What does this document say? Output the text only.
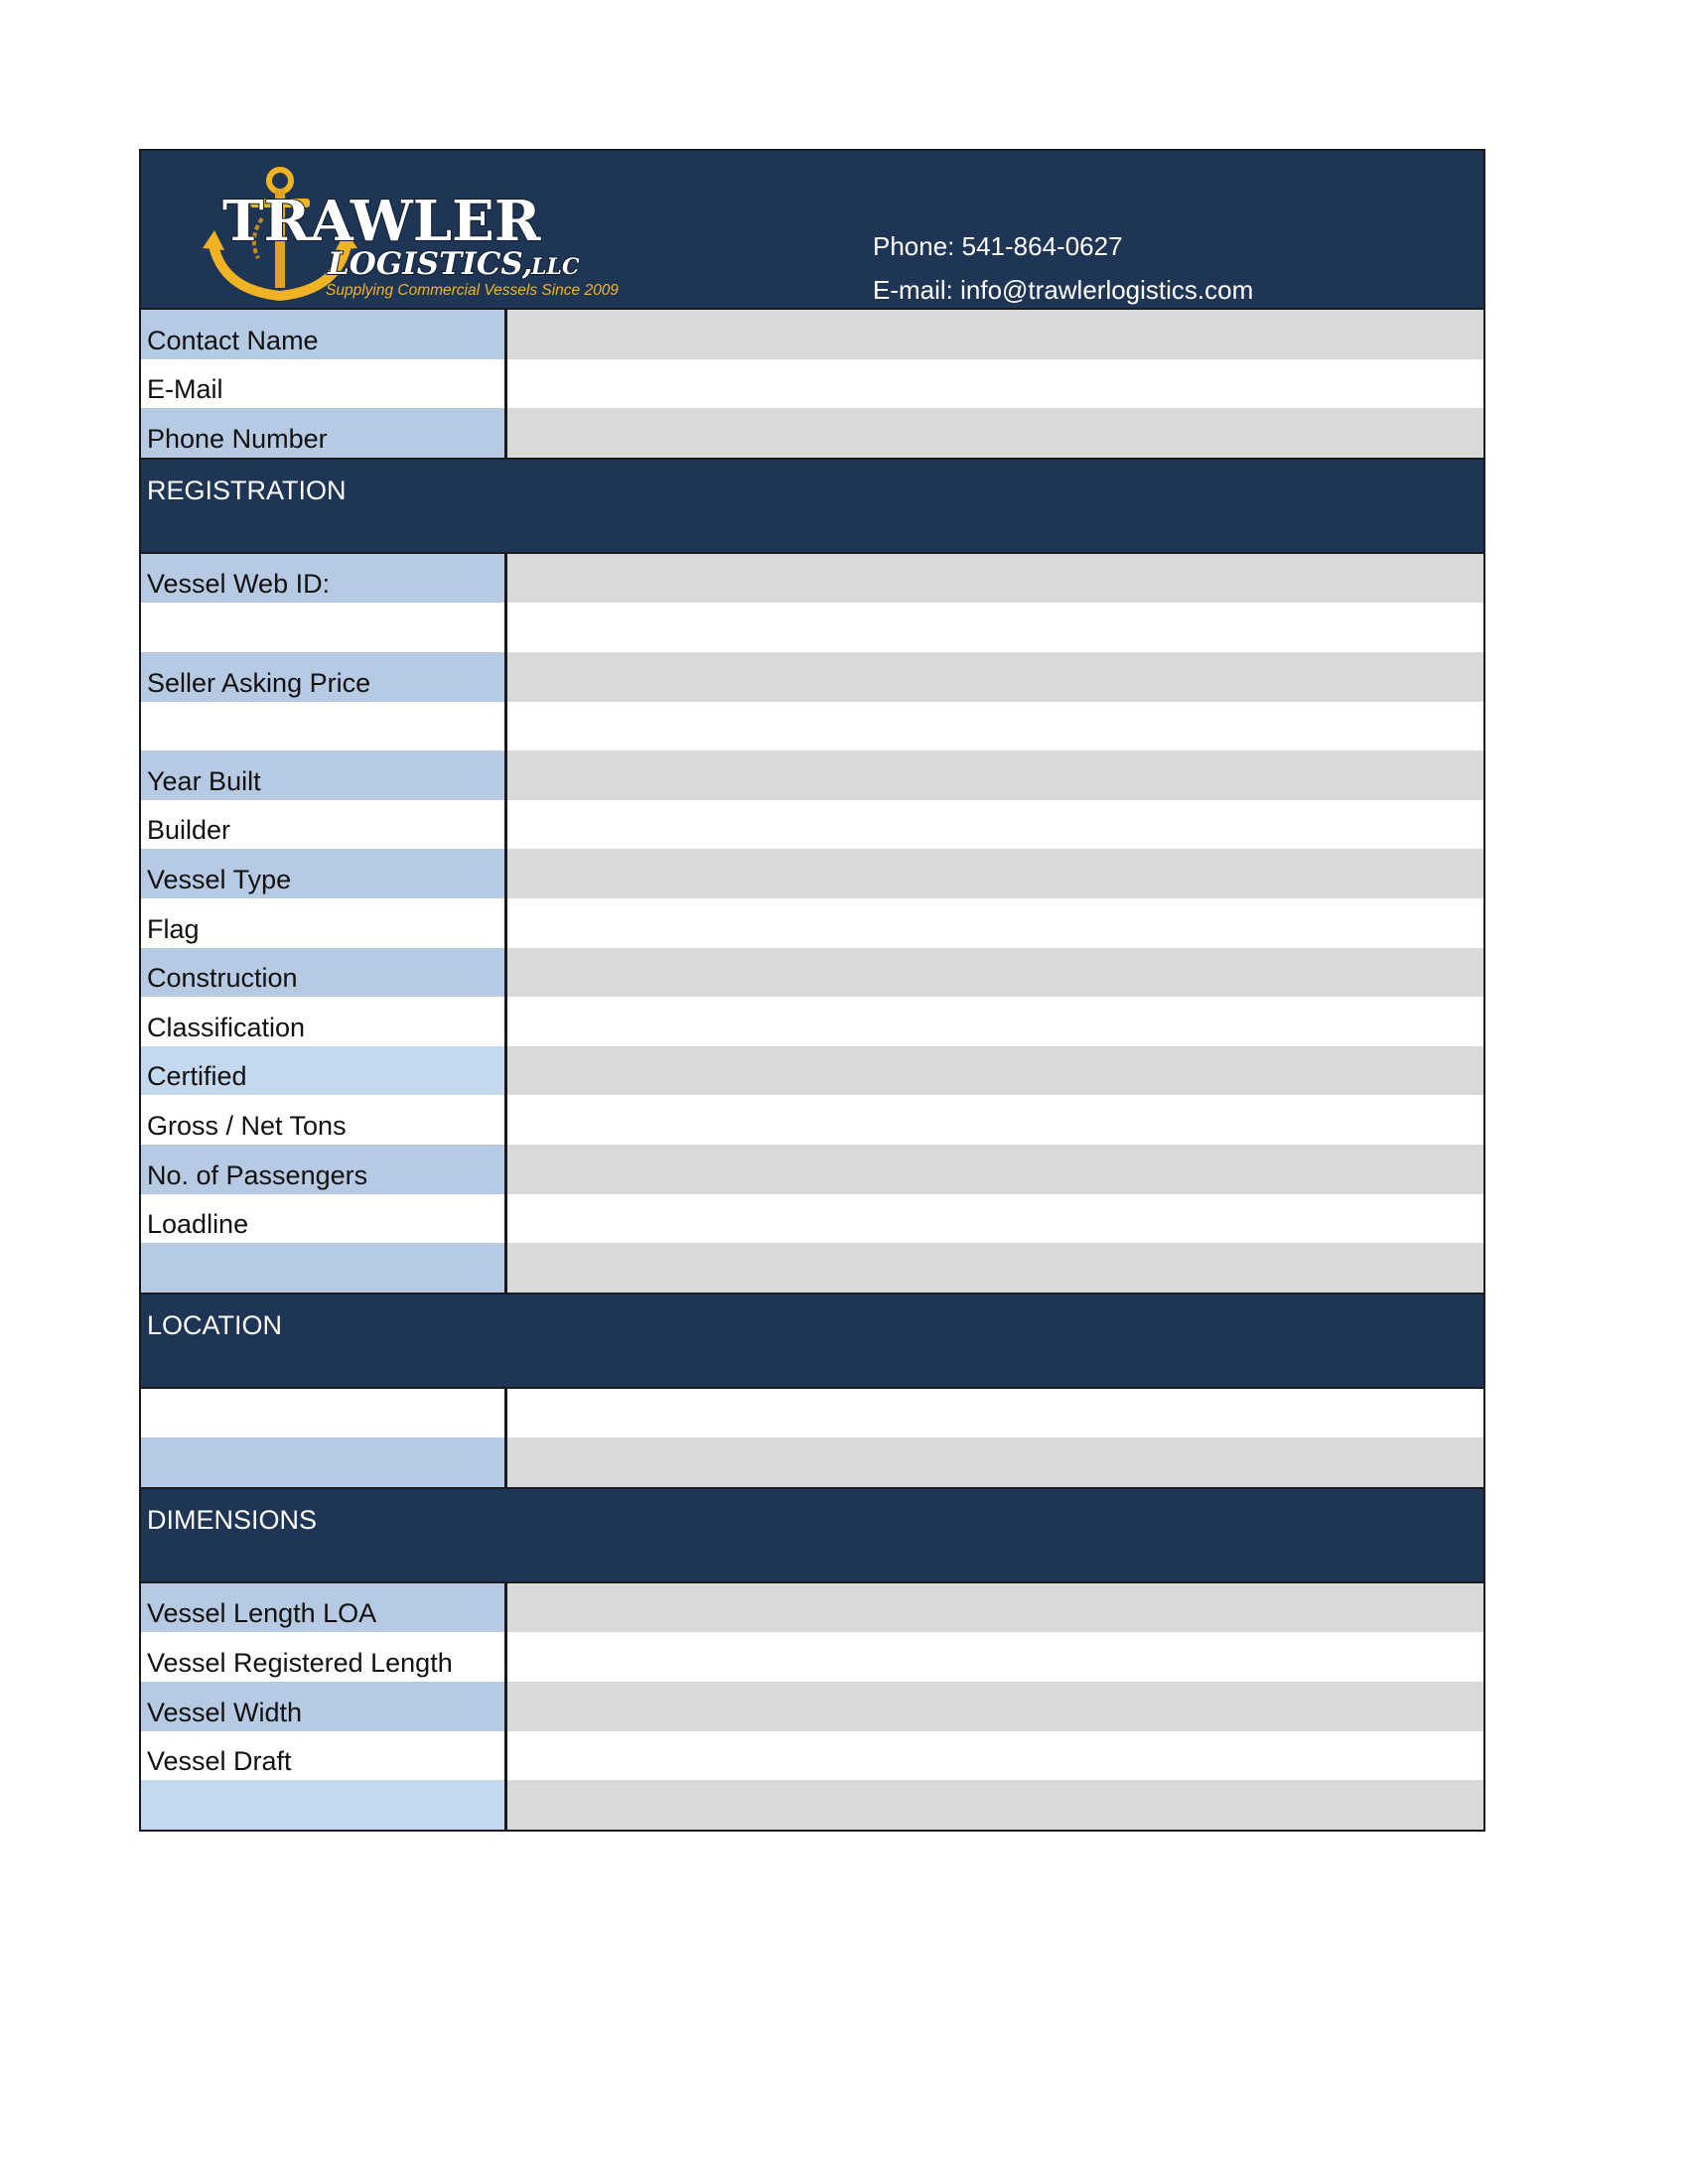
TRAWLER
LOGISTICS,
LLC
Supplying Commercial Vessels Since 2009
Phone: 541-864-0627
E-mail: info@trawlerlogistics.com
Contact Name
E-Mail
Phone Number
REGISTRATION
Vessel Web ID:
Seller Asking Price
Year Built
Builder
Vessel Type
Flag
Construction
Classification
Certified
Gross / Net Tons
No. of Passengers
Loadline
LOCATION
DIMENSIONS
Vessel Length LOA
Vessel Registered Length
Vessel Width
Vessel Draft
